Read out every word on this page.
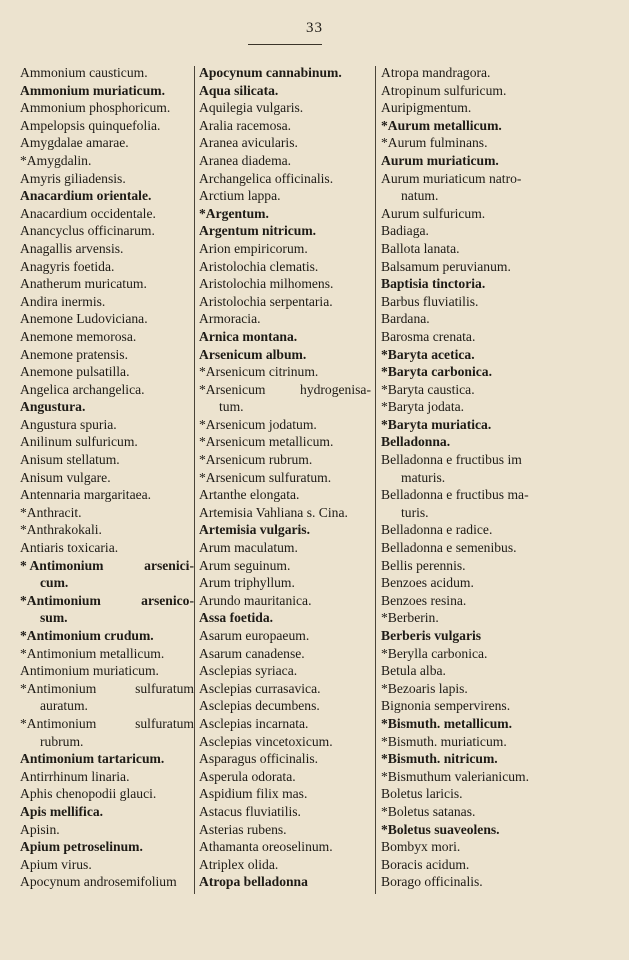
33
Ammonium causticum.
Ammonium muriaticum.
Ammonium phosphoricum.
Ampelopsis quinquefolia.
Amygdalae amarae.
*Amygdalin.
Amyris giliadensis.
Anacardium orientale.
Anacardium occidentale.
Anancyclus officinarum.
Anagallis arvensis.
Anagyris foetida.
Anatherum muricatum.
Andira inermis.
Anemone Ludoviciana.
Anemone memorosa.
Anemone pratensis.
Anemone pulsatilla.
Angelica archangelica.
Angustura.
Angustura spuria.
Anilinum sulfuricum.
Anisum stellatum.
Anisum vulgare.
Antennaria margaritaea.
*Anthracit.
*Anthrakokali.
Antiaris toxicaria.
* Antimonium	arsenici-
cum.
*Antimonium	arsenico-
sum.
*Antimonium crudum.
*Antimonium metallicum.
Antimonium muriaticum.
*Antimonium	sulfuratum
auratum.
*Antimonium	sulfuratum
rubrum.
Antimonium tartaricum.
Antirrhinum linaria.
Aphis chenopodii glauci.
Apis mellifica.
Apisin.
Apium petroselinum.
Apium virus.
Apocynum androsemifolium
Apocynum cannabinum.
Aqua silicata.
Aquilegia vulgaris.
Aralia racemosa.
Aranea avicularis.
Aranea diadema.
Archangelica officinalis.
Arctium lappa.
*Argentum.
Argentum nitricum.
Arion empiricorum.
Aristolochia clematis.
Aristolochia milhomens.
Aristolochia serpentaria.
Armoracia.
Arnica montana.
Arsenicum album.
*Arsenicum citrinum.
*Arsenicum	hydrogenisa-
tum.
*Arsenicum jodatum.
*Arsenicum metallicum.
*Arsenicum rubrum.
*Arsenicum sulfuratum.
Artanthe elongata.
Artemisia Vahliana s. Cina.
Artemisia vulgaris.
Arum maculatum.
Arum seguinum.
Arum triphyllum.
Arundo mauritanica.
Assa foetida.
Asarum europaeum.
Asarum canadense.
Asclepias syriaca.
Asclepias currasavica.
Asclepias decumbens.
Asclepias incarnata.
Asclepias vincetoxicum.
Asparagus officinalis.
Asperula odorata.
Aspidium filix mas.
Astacus fluviatilis.
Asterias rubens.
Athamanta oreoselinum.
Atriplex olida.
Atropa belladonna
Atropa mandragora.
Atropinum sulfuricum.
Auripigmentum.
*Aurum metallicum.
*Aurum fulminans.
Aurum muriaticum.
Aurum muriaticum natro-
natum.
Aurum sulfuricum.
Badiaga.
Ballota lanata.
Balsamum peruvianum.
Baptisia tinctoria.
Barbus fluviatilis.
Bardana.
Barosma crenata.
*Baryta acetica.
*Baryta carbonica.
*Baryta caustica.
*Baryta jodata.
*Baryta muriatica.
Belladonna.
Belladonna e fructibus im
maturis.
Belladonna e fructibus ma-
turis.
Belladonna e radice.
Belladonna e semenibus.
Bellis perennis.
Benzoes acidum.
Benzoes resina.
*Berberin.
Berberis vulgaris
*Berylla carbonica.
Betula alba.
*Bezoaris lapis.
Bignonia sempervirens.
*Bismuth. metallicum.
*Bismuth. muriaticum.
*Bismuth. nitricum.
*Bismuthum valerianicum.
Boletus laricis.
*Boletus satanas.
*Boletus suaveolens.
Bombyx mori.
Boracis acidum.
Borago officinalis.
